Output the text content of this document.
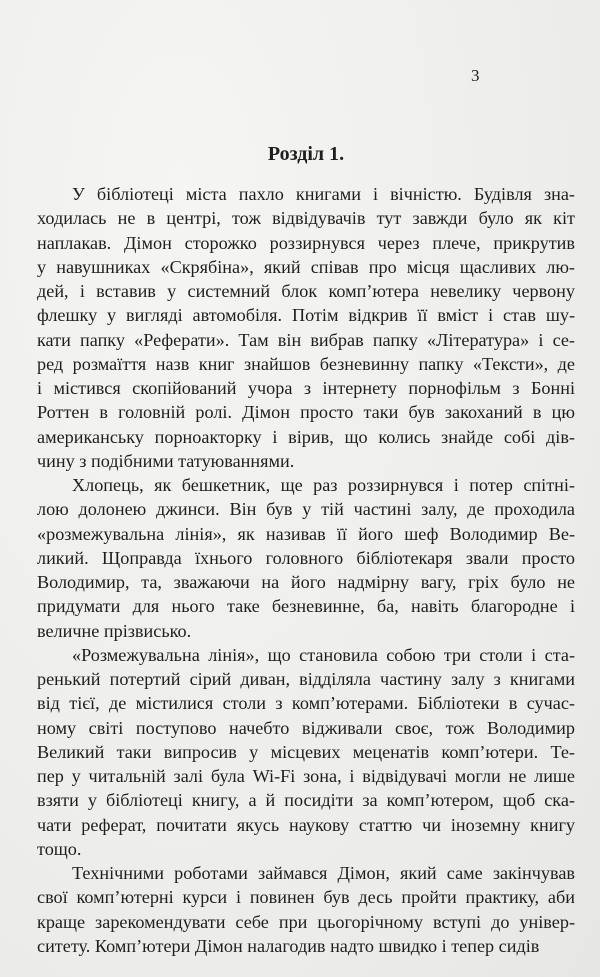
3
Розділ 1.
У бібліотеці міста пахло книгами і вічністю. Будівля зна-
ходилась не в центрі, тож відвідувачів тут завжди було як кіт
наплакав. Дімон сторожко роззирнувся через плече, прикрутив
у навушниках «Скрябіна», який співав про місця щасливих лю-
дей, і вставив у системний блок комп’ютера невелику червону
флешку у вигляді автомобіля. Потім відкрив її вміст і став шу-
кати папку «Реферати». Там він вибрав папку «Література» і се-
ред розмаїття назв книг знайшов безневинну папку «Тексти», де
і містився скопійований учора з інтернету порнофільм з Бонні
Роттен в головній ролі. Дімон просто таки був закоханий в цю
американську порноакторку і вірив, що колись знайде собі дів-
чину з подібними татуюваннями.
Хлопець, як бешкетник, ще раз роззирнувся і потер спітні-
лою долонею джинси. Він був у тій частині залу, де проходила
«розмежувальна лінія», як називав її його шеф Володимир Ве-
ликий. Щоправда їхнього головного бібліотекаря звали просто
Володимир, та, зважаючи на його надмірну вагу, гріх було не
придумати для нього таке безневинне, ба, навіть благородне і
величне прізвисько.
«Розмежувальна лінія», що становила собою три столи і ста-
ренький потертий сірий диван, відділяла частину залу з книгами
від тієї, де містилися столи з комп’ютерами. Бібліотеки в сучас-
ному світі поступово начебто відживали своє, тож Володимир
Великий таки випросив у місцевих меценатів комп’ютери. Те-
пер у читальній залі була Wi-Fi зона, і відвідувачі могли не лише
взяти у бібліотеці книгу, а й посидіти за комп’ютером, щоб ска-
чати реферат, почитати якусь наукову статтю чи іноземну книгу
тощо.
Технічними роботами займався Дімон, який саме закінчував
свої комп’ютерні курси і повинен був десь пройти практику, аби
краще зарекомендувати себе при цьогорічному вступі до універ-
ситету. Комп’ютери Дімон налагодив надто швидко і тепер сидів
